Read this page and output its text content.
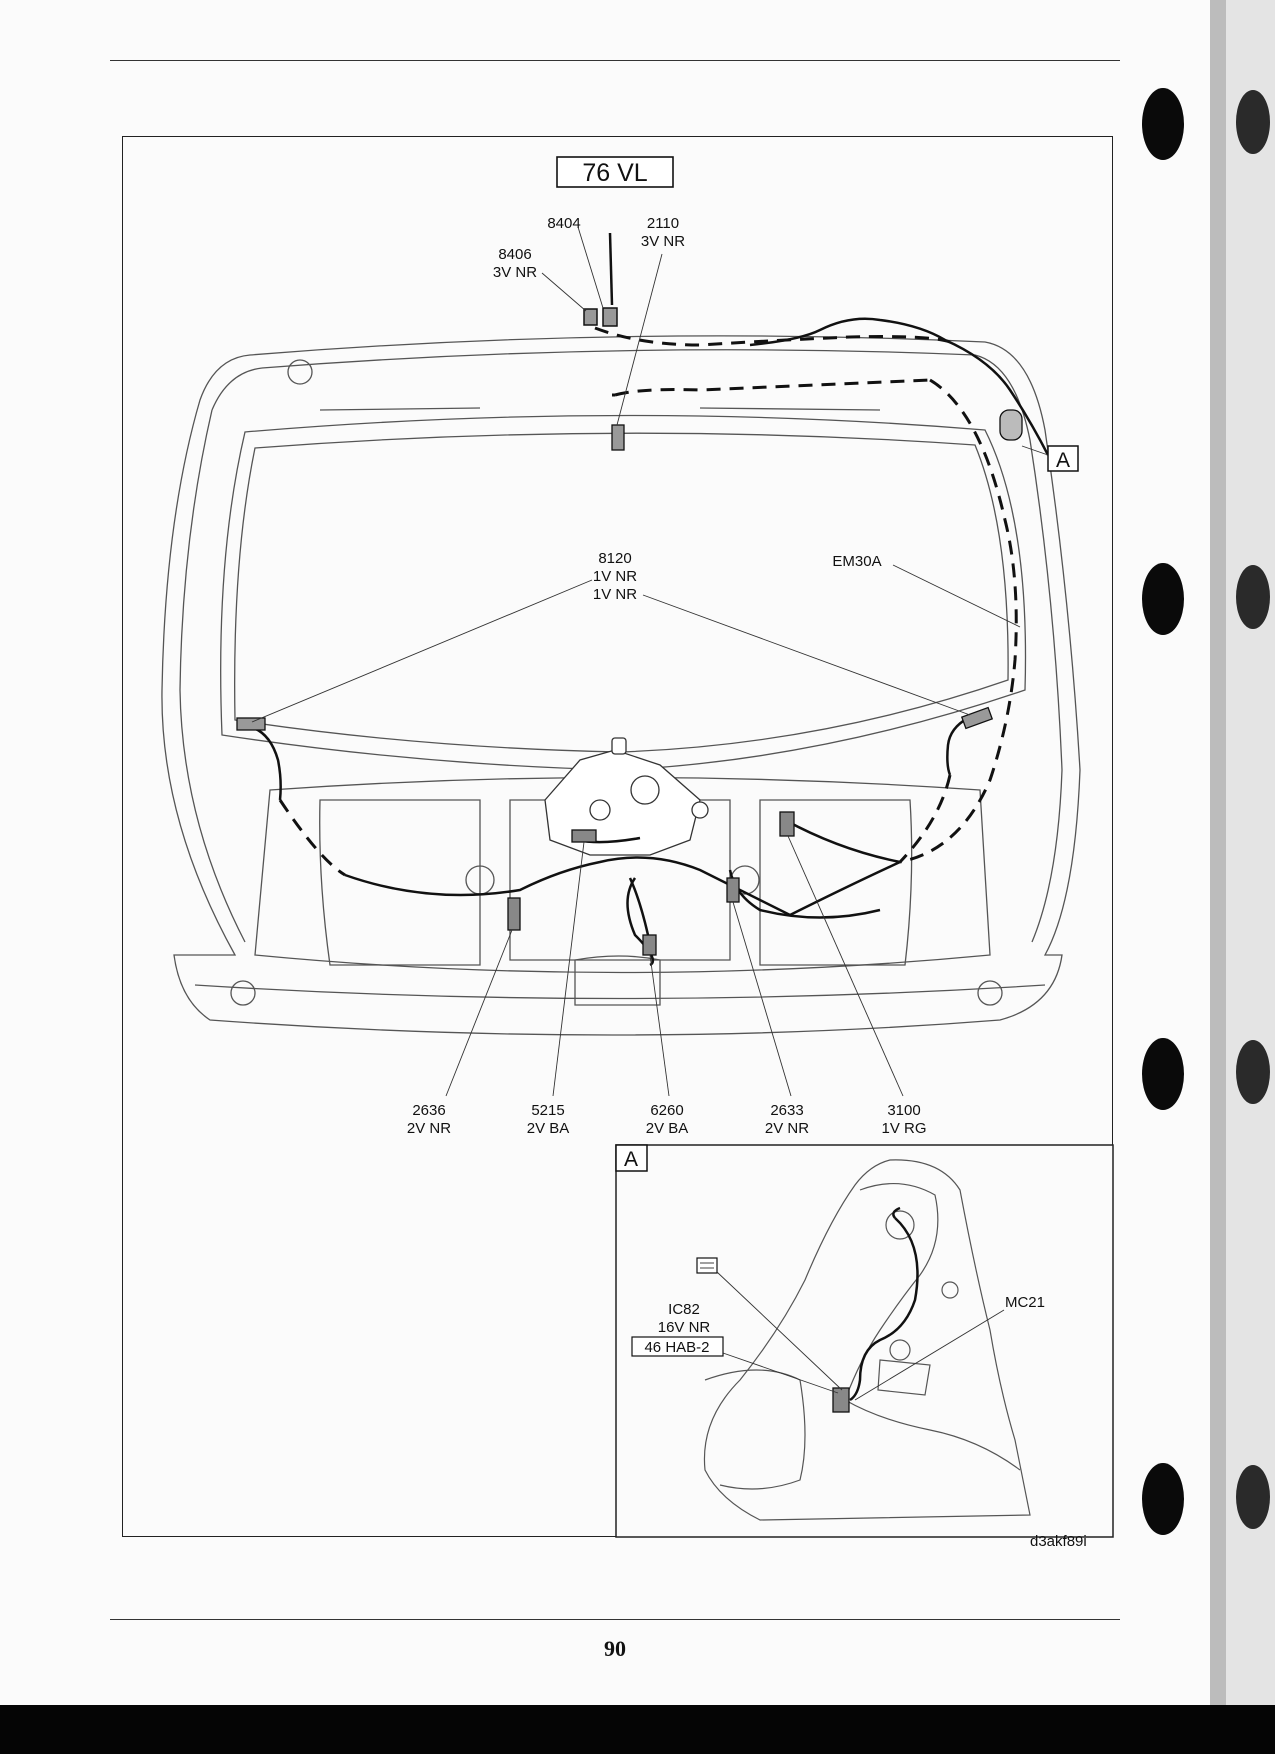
76 VL
A
8404	2110
3V NR
8406
3V NR
8120
1V NR
1V NR
EM30A
2636
2V NR
5215
2V BA
6260
2V BA
2633
2V NR
3100
1V RG
A
IC82
16V NR
46 HAB-2
MC21
d3akf89i
90
